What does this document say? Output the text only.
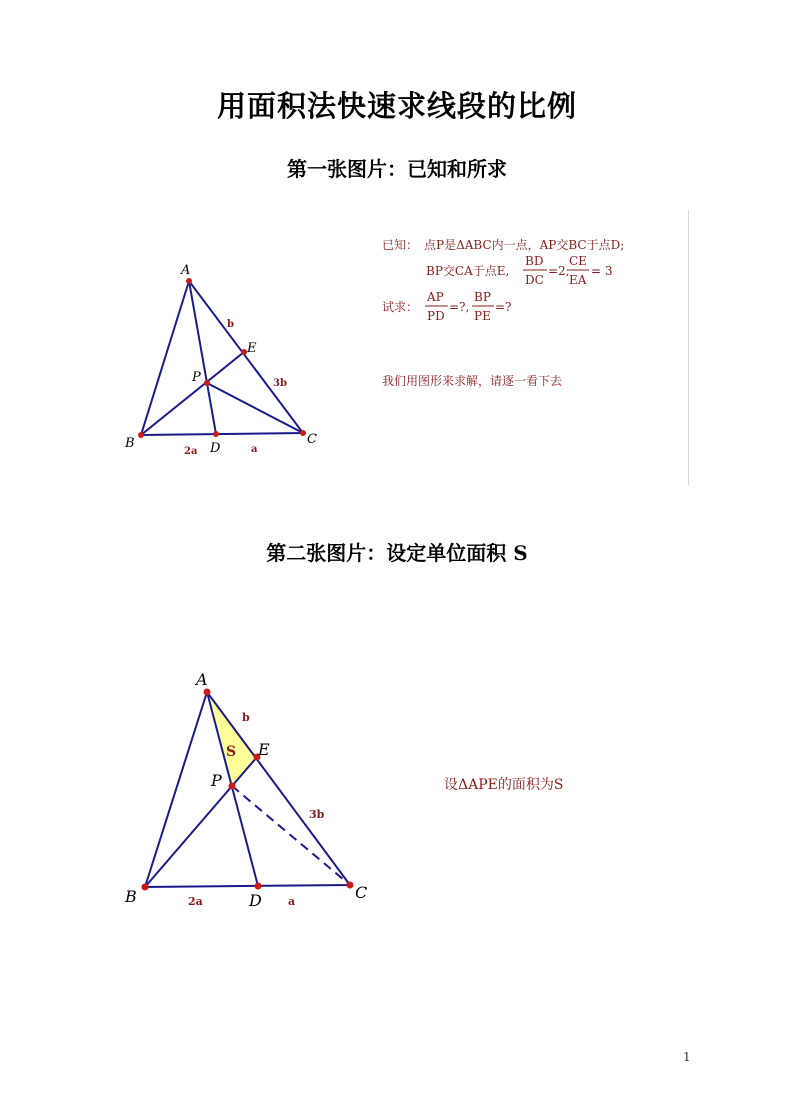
用面积法快速求线段的比例
第一张图片：已知和所求
第二张图片：设定单位面积 S
A
B	C
D
E
P
b
3b
2a	a
已知： 点P是ΔABC内一点，AP交BC于点D;
BP交CA于点E,
BD
DC
=2,
CE
EA
= 3
试求：
AP
PD
=?,
BP
PE
=?
我们用图形来求解，请逐一看下去
A
B	C
D
E
P
S
b
3b
2a	a
设ΔAPE的面积为S
1
